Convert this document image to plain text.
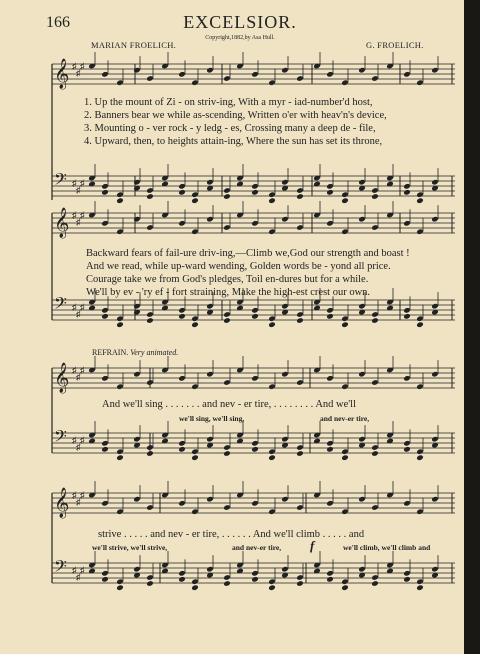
166	EXCELSIOR.
Copyright,1882,by Asa Hull.
MARIAN FROELICH.	G. FROELICH.
𝄞 ♯
♯
♯
𝄢 ♯
♯
♯
𝄞 ♯
♯
♯
𝄢 ♯
♯
♯
𝄞 ♯
♯
♯
𝄢 ♯
♯
♯
𝄞 ♯
♯
♯
𝄢 ♯
♯
♯
1. Up the mount of Zi - on striv-ing, With a myr - iad-number'd host,
2. Banners bear we while as-scending, Written o'er with heav'n's device,
3. Mounting o - ver rock - y ledg - es, Crossing many a deep de - file,
4. Upward, then, to heights attain-ing, Where the sun has set its throne,
Backward fears of fail-ure driv-ing,—Climb we,God our strength and boast !
And we read, while up-ward wending, Golden words be - yond all price.
Courage take we from God's pledges, Toil en-dures but for a while.
We'll by ev - 'ry ef - fort straining, Make the high-est crest our own.
REFRAIN. Very animated.
And we'll sing . . . . . . . and nev - er tire, . . . . . . . . And we'll
we'll sing, we'll sing,	and nev-er tire,
strive . . . . . and nev - er tire, . . . . . . And we'll climb . . . . . and
f
we'll strive, we'll strive,	and nev-er tire,	we'll climb, we'll climb and
